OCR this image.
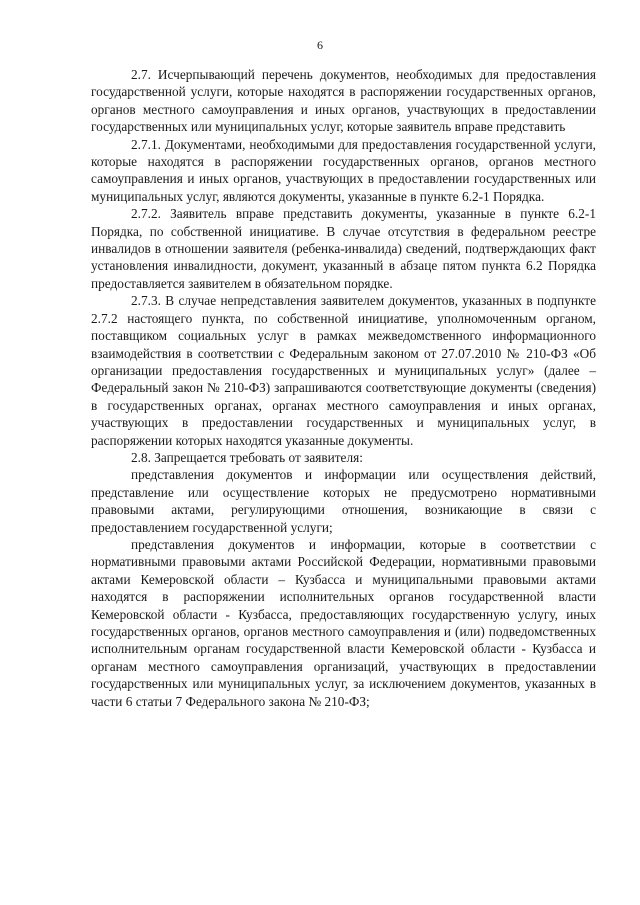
6

2.7. Исчерпывающий перечень документов, необходимых для предоставления государственной услуги, которые находятся в распоряжении государственных органов, органов местного самоуправления и иных органов, участвующих в предоставлении государственных или муниципальных услуг, которые заявитель вправе представить

2.7.1. Документами, необходимыми для предоставления государственной услуги, которые находятся в распоряжении государственных органов, органов местного самоуправления и иных органов, участвующих в предоставлении государственных или муниципальных услуг, являются документы, указанные в пункте 6.2-1 Порядка.

2.7.2. Заявитель вправе представить документы, указанные в пункте 6.2-1 Порядка, по собственной инициативе. В случае отсутствия в федеральном реестре инвалидов в отношении заявителя (ребенка-инвалида) сведений, подтверждающих факт установления инвалидности, документ, указанный в абзаце пятом пункта 6.2 Порядка предоставляется заявителем в обязательном порядке.

2.7.3. В случае непредставления заявителем документов, указанных в подпункте 2.7.2 настоящего пункта, по собственной инициативе, уполномоченным органом, поставщиком социальных услуг в рамках межведомственного информационного взаимодействия в соответствии с Федеральным законом от 27.07.2010 № 210-ФЗ «Об организации предоставления государственных и муниципальных услуг» (далее – Федеральный закон № 210-ФЗ) запрашиваются соответствующие документы (сведения) в государственных органах, органах местного самоуправления и иных органах, участвующих в предоставлении государственных и муниципальных услуг, в распоряжении которых находятся указанные документы.

2.8. Запрещается требовать от заявителя:

представления документов и информации или осуществления действий, представление или осуществление которых не предусмотрено нормативными правовыми актами, регулирующими отношения, возникающие в связи с предоставлением государственной услуги;

представления документов и информации, которые в соответствии с нормативными правовыми актами Российской Федерации, нормативными правовыми актами Кемеровской области – Кузбасса и муниципальными правовыми актами находятся в распоряжении исполнительных органов государственной власти Кемеровской области - Кузбасса, предоставляющих государственную услугу, иных государственных органов, органов местного самоуправления и (или) подведомственных исполнительным органам государственной власти Кемеровской области - Кузбасса и органам местного самоуправления организаций, участвующих в предоставлении государственных или муниципальных услуг, за исключением документов, указанных в части 6 статьи 7 Федерального закона № 210-ФЗ;
